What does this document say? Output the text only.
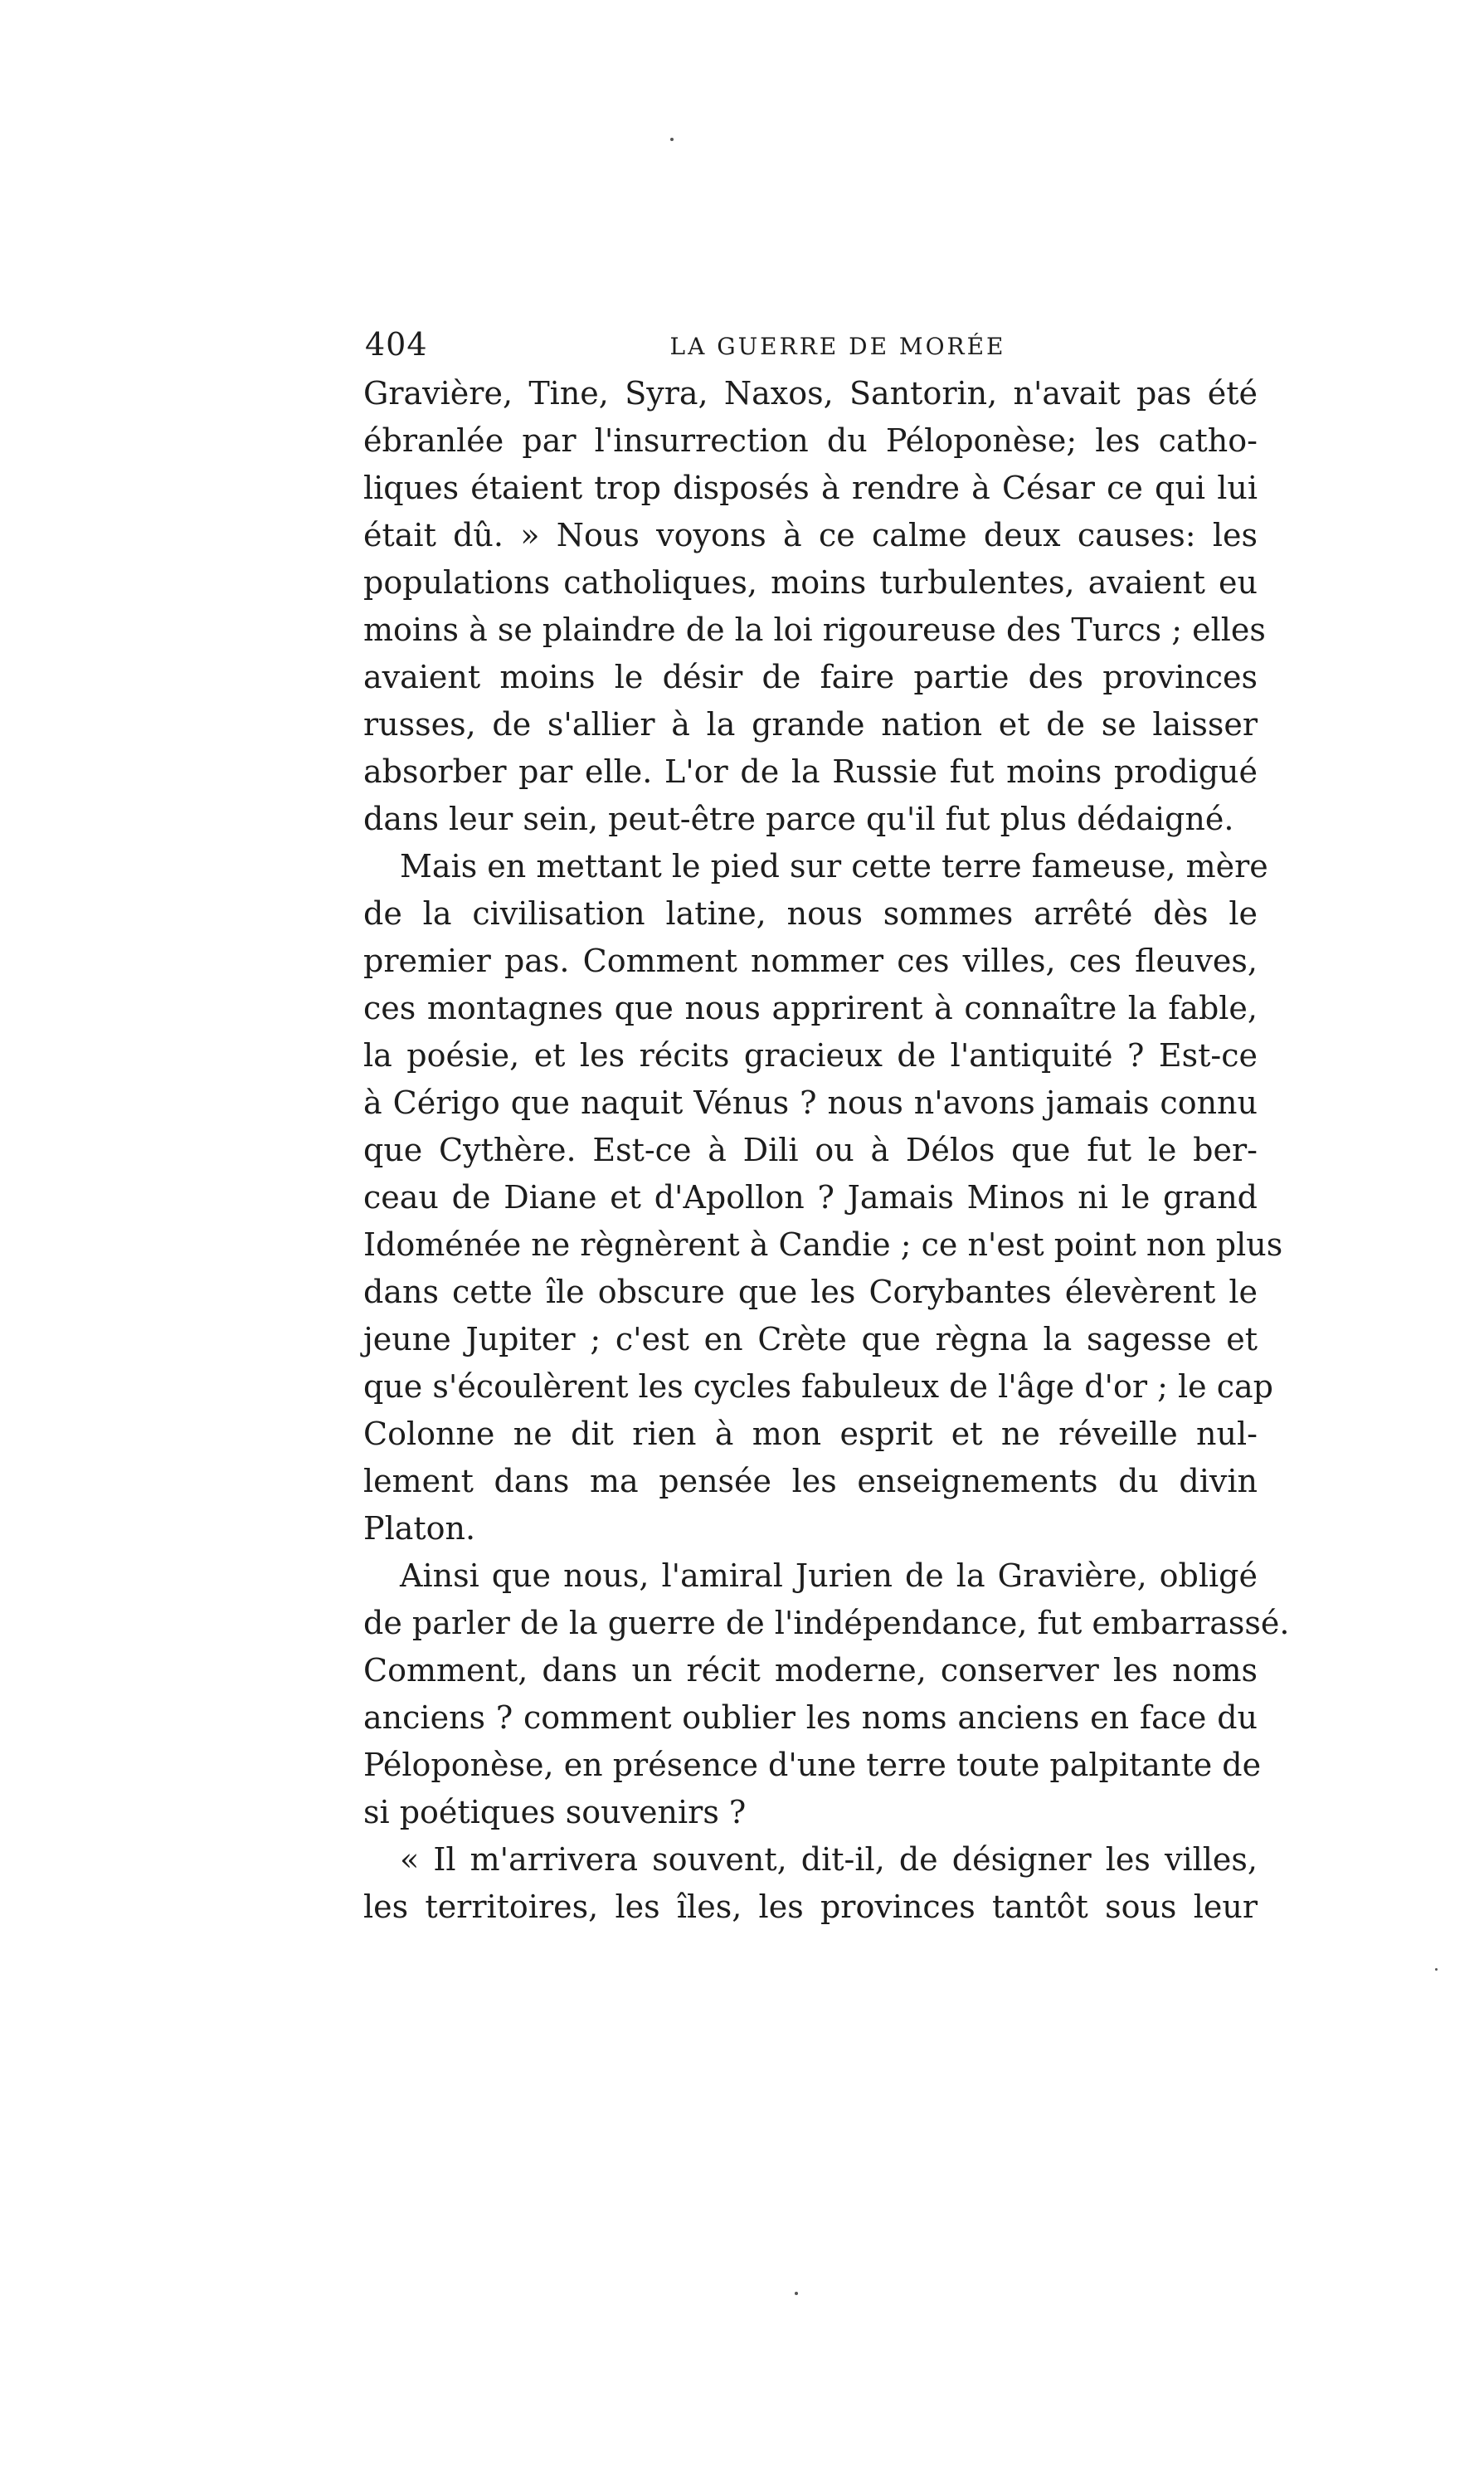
404	LA GUERRE DE MORÉE
Gravière, Tine, Syra, Naxos, Santorin, n'avait pas été
ébranlée par l'insurrection du Péloponèse; les catho-
liques étaient trop disposés à rendre à César ce qui lui
était dû. » Nous voyons à ce calme deux causes: les
populations catholiques, moins turbulentes, avaient eu
moins à se plaindre de la loi rigoureuse des Turcs ; elles
avaient moins le désir de faire partie des provinces
russes, de s'allier à la grande nation et de se laisser
absorber par elle. L'or de la Russie fut moins prodigué
dans leur sein, peut-être parce qu'il fut plus dédaigné.
Mais en mettant le pied sur cette terre fameuse, mère
de la civilisation latine, nous sommes arrêté dès le
premier pas. Comment nommer ces villes, ces fleuves,
ces montagnes que nous apprirent à connaître la fable,
la poésie, et les récits gracieux de l'antiquité ? Est-ce
à Cérigo que naquit Vénus ? nous n'avons jamais connu
que Cythère. Est-ce à Dili ou à Délos que fut le ber-
ceau de Diane et d'Apollon ? Jamais Minos ni le grand
Idoménée ne règnèrent à Candie ; ce n'est point non plus
dans cette île obscure que les Corybantes élevèrent le
jeune Jupiter ; c'est en Crète que règna la sagesse et
que s'écoulèrent les cycles fabuleux de l'âge d'or ; le cap
Colonne ne dit rien à mon esprit et ne réveille nul-
lement dans ma pensée les enseignements du divin
Platon.
Ainsi que nous, l'amiral Jurien de la Gravière, obligé
de parler de la guerre de l'indépendance, fut embarrassé.
Comment, dans un récit moderne, conserver les noms
anciens ? comment oublier les noms anciens en face du
Péloponèse, en présence d'une terre toute palpitante de
si poétiques souvenirs ?
« Il m'arrivera souvent, dit-il, de désigner les villes,
les territoires, les îles, les provinces tantôt sous leur
